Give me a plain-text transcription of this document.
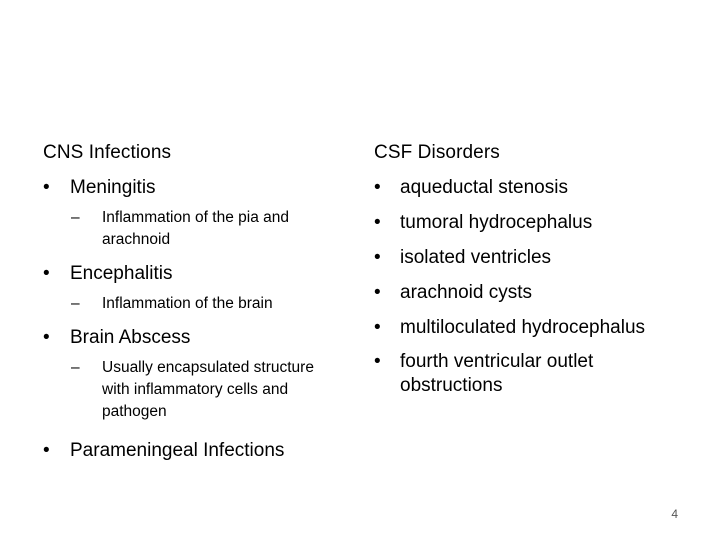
CNS Infections
•	Meningitis
–	Inflammation of the pia and arachnoid
•	Encephalitis
–	Inflammation of the brain
•	Brain Abscess
–	Usually encapsulated structure with inflammatory cells and pathogen
•	Parameningeal Infections
CSF Disorders
•	aqueductal stenosis
•	tumoral hydrocephalus
•	isolated ventricles
•	arachnoid cysts
•	multiloculated hydrocephalus
•	fourth ventricular outlet obstructions
4
